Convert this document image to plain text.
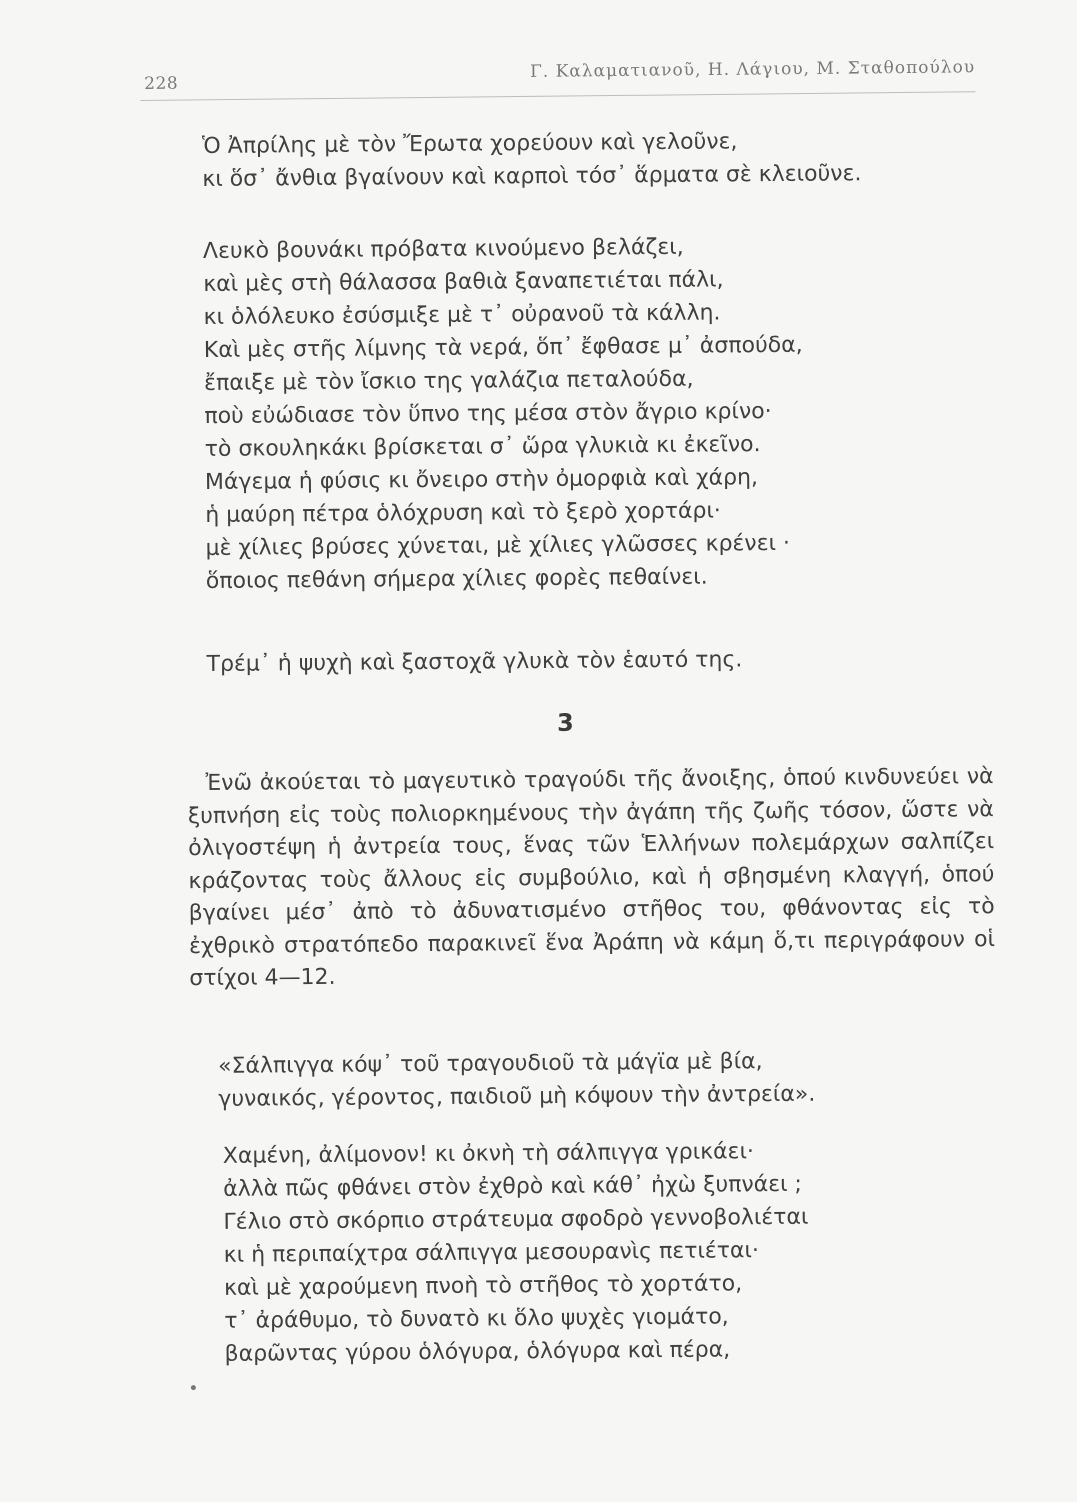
228
Γ. Καλαματιανοῦ, Η. Λάγιου, Μ. Σταθοπούλου
Ὁ Ἀπρίλης μὲ τὸν Ἔρωτα χορεύουν καὶ γελοῦνε,
κι ὅσ᾿ ἄνθια βγαίνουν καὶ καρποὶ τόσ᾿ ἅρματα σὲ κλειοῦνε.
Λευκὸ βουνάκι πρόβατα κινούμενο βελάζει,
καὶ μὲς στὴ θάλασσα βαθιὰ ξαναπετιέται πάλι,
κι ὁλόλευκο ἐσύσμιξε μὲ τ᾿ οὐρανοῦ τὰ κάλλη.
Καὶ μὲς στῆς λίμνης τὰ νερά, ὅπ᾿ ἔφθασε μ᾿ ἀσπούδα,
ἔπαιξε μὲ τὸν ἴσκιο της γαλάζια πεταλούδα,
ποὺ εὐώδιασε τὸν ὕπνο της μέσα στὸν ἄγριο κρίνο·
τὸ σκουληκάκι βρίσκεται σ᾿ ὥρα γλυκιὰ κι ἐκεῖνο.
Μάγεμα ἡ φύσις κι ὄνειρο στὴν ὀμορφιὰ καὶ χάρη,
ἡ μαύρη πέτρα ὁλόχρυση καὶ τὸ ξερὸ χορτάρι·
μὲ χίλιες βρύσες χύνεται, μὲ χίλιες γλῶσσες κρένει ·
ὅποιος πεθάνη σήμερα χίλιες φορὲς πεθαίνει.
Τρέμ᾿ ἡ ψυχὴ καὶ ξαστοχᾶ γλυκὰ τὸν ἑαυτό της.
3
Ἐνῶ ἀκούεται τὸ μαγευτικὸ τραγούδι τῆς ἄνοιξης, ὁπού κινδυνεύει νὰ ξυπνήση εἰς τοὺς πολιορκημένους τὴν ἀγάπη τῆς ζωῆς τόσον, ὥστε νὰ ὀλιγοστέψη ἡ ἀντρεία τους, ἕνας τῶν Ἑλλήνων πολεμάρχων σαλπίζει κράζοντας τοὺς ἄλλους εἰς συμβούλιο, καὶ ἡ σβησμένη κλαγγή, ὁπού βγαίνει μέσ᾿ ἀπὸ τὸ ἀδυνατισμένο στῆθος του, φθάνοντας εἰς τὸ ἐχθρικὸ στρατόπεδο παρακινεῖ ἕνα Ἀράπη νὰ κάμη ὅ,τι περιγράφουν οἱ στίχοι 4—12.
«Σάλπιγγα κόψ᾿ τοῦ τραγουδιοῦ τὰ μάγϊα μὲ βία,
γυναικός, γέροντος, παιδιοῦ μὴ κόψουν τὴν ἀντρεία».
Χαμένη, ἀλίμονον! κι ὀκνὴ τὴ σάλπιγγα γρικάει·
ἀλλὰ πῶς φθάνει στὸν ἐχθρὸ καὶ κάθ᾿ ἠχὼ ξυπνάει ;
Γέλιο στὸ σκόρπιο στράτευμα σφοδρὸ γεννοβολιέται
κι ἡ περιπαίχτρα σάλπιγγα μεσουρανὶς πετιέται·
καὶ μὲ χαρούμενη πνοὴ τὸ στῆθος τὸ χορτάτο,
τ᾿ ἀράθυμο, τὸ δυνατὸ κι ὅλο ψυχὲς γιομάτο,
βαρῶντας γύρου ὁλόγυρα, ὁλόγυρα καὶ πέρα,
